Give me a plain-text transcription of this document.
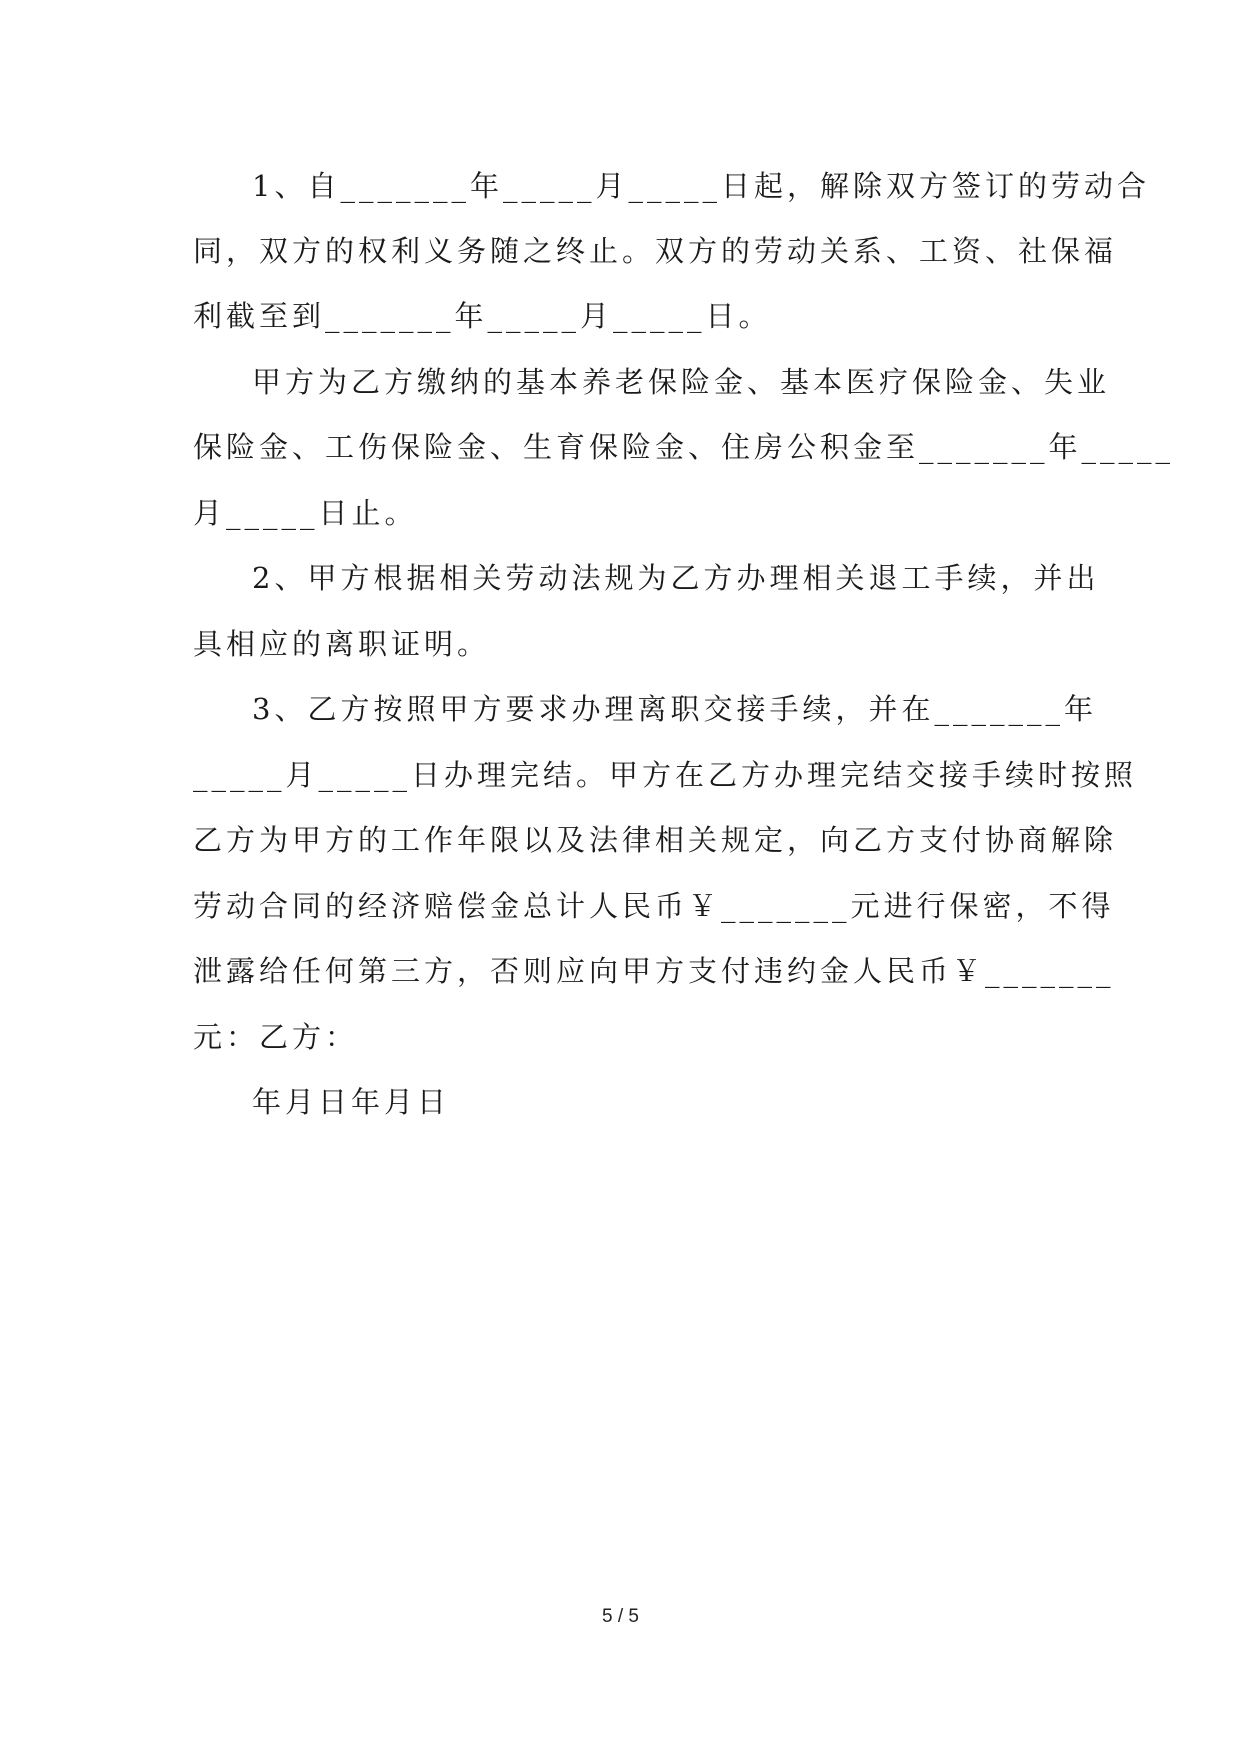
1、自_______年_____月_____日起，解除双方签订的劳动合
同，双方的权利义务随之终止。双方的劳动关系、工资、社保福
利截至到_______年_____月_____日。
甲方为乙方缴纳的基本养老保险金、基本医疗保险金、失业
保险金、工伤保险金、生育保险金、住房公积金至_______年_____
月_____日止。
2、甲方根据相关劳动法规为乙方办理相关退工手续，并出
具相应的离职证明。
3、乙方按照甲方要求办理离职交接手续，并在_______年
_____月_____日办理完结。甲方在乙方办理完结交接手续时按照
乙方为甲方的工作年限以及法律相关规定，向乙方支付协商解除
劳动合同的经济赔偿金总计人民币￥_______元进行保密，不得
泄露给任何第三方，否则应向甲方支付违约金人民币￥_______
元：乙方：
年月日年月日
5 / 5
